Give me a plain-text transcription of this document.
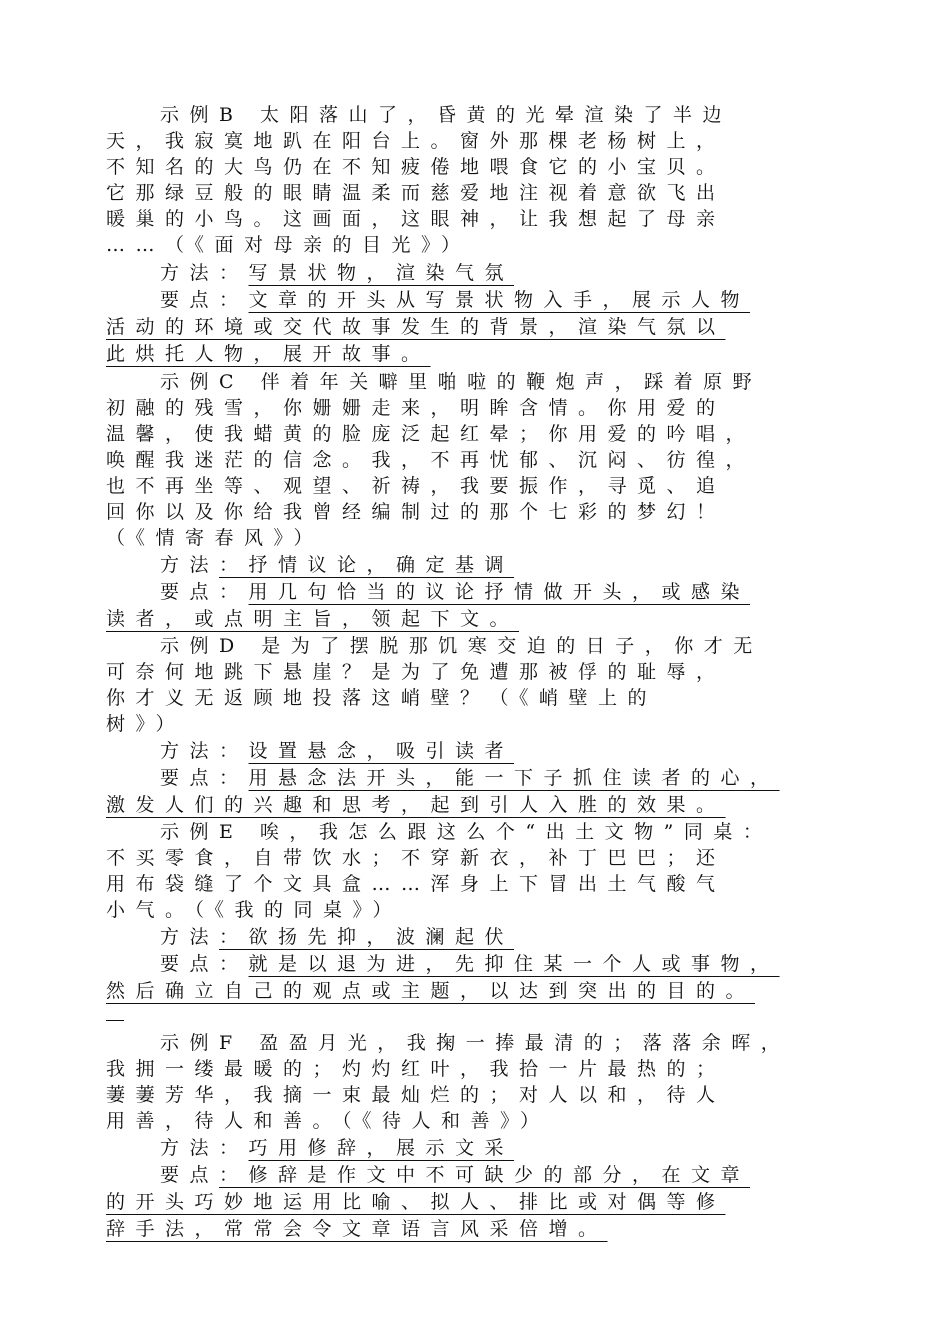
示例B 太阳落山了，昏黄的光晕渲染了半边
天，我寂寞地趴在阳台上。窗外那棵老杨树上，
不知名的大鸟仍在不知疲倦地喂食它的小宝贝。
它那绿豆般的眼睛温柔而慈爱地注视着意欲飞出
暖巢的小鸟。这画面，这眼神，让我想起了母亲
……（《面对母亲的目光》）
方法：写景状物，渲染气氛
要点：文章的开头从写景状物入手，展示人物
活动的环境或交代故事发生的背景，渲染气氛以
此烘托人物，展开故事。
示例C 伴着年关噼里啪啦的鞭炮声，踩着原野
初融的残雪，你姗姗走来，明眸含情。你用爱的
温馨，使我蜡黄的脸庞泛起红晕；你用爱的吟唱，
唤醒我迷茫的信念。我，不再忧郁、沉闷、彷徨，
也不再坐等、观望、祈祷，我要振作，寻觅、追
回你以及你给我曾经编制过的那个七彩的梦幻！
（《情寄春风》）
方法：抒情议论，确定基调
要点：用几句恰当的议论抒情做开头，或感染
读者，或点明主旨，领起下文。
示例D 是为了摆脱那饥寒交迫的日子，你才无
可奈何地跳下悬崖？是为了免遭那被俘的耻辱，
你才义无返顾地投落这峭壁？（《峭壁上的
树》）
方法：设置悬念，吸引读者
要点：用悬念法开头，能一下子抓住读者的心，
激发人们的兴趣和思考，起到引人入胜的效果。
示例E 唉，我怎么跟这么个“出土文物”同桌：
不买零食，自带饮水；不穿新衣，补丁巴巴；还
用布袋缝了个文具盒……浑身上下冒出土气酸气
小气。（《我的同桌》）
方法：欲扬先抑，波澜起伏
要点：就是以退为进，先抑住某一个人或事物，
然后确立自己的观点或主题，以达到突出的目的。
示例F 盈盈月光，我掬一捧最清的；落落余晖，
我拥一缕最暖的；灼灼红叶，我拾一片最热的；
萋萋芳华，我摘一束最灿烂的；对人以和，待人
用善，待人和善。（《待人和善》）
方法：巧用修辞，展示文采
要点：修辞是作文中不可缺少的部分，在文章
的开头巧妙地运用比喻、拟人、排比或对偶等修
辞手法，常常会令文章语言风采倍增。
